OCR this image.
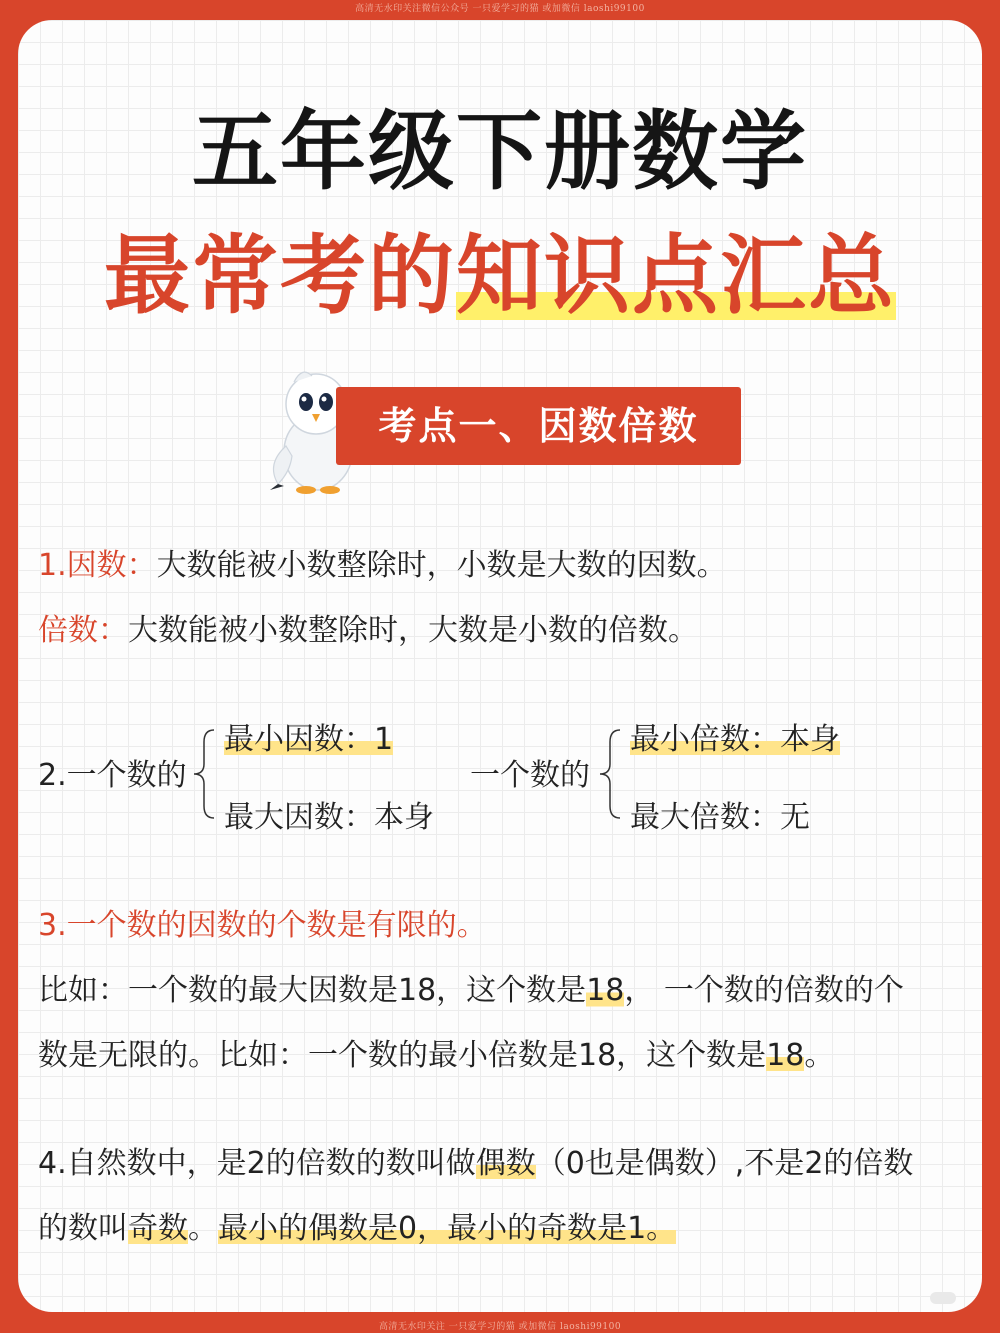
高清无水印关注微信公众号 一只爱学习的猫 或加微信 laoshi99100
五年级下册数学
最常考的知识点汇总
考点一、因数倍数
1.因数：大数能被小数整除时，小数是大数的因数。
倍数：大数能被小数整除时，大数是小数的倍数。
2.一个数的
最小因数：1
最大因数：本身
一个数的
最小倍数：本身
最大倍数：无
3.一个数的因数的个数是有限的。
比如：一个数的最大因数是18，这个数是18， 一个数的倍数的个
数是无限的。比如：一个数的最小倍数是18，这个数是18。
4.自然数中，是2的倍数的数叫做偶数（0也是偶数）,不是2的倍数
的数叫奇数。最小的偶数是0，最小的奇数是1。
高清无水印关注 一只爱学习的猫 或加微信 laoshi99100
